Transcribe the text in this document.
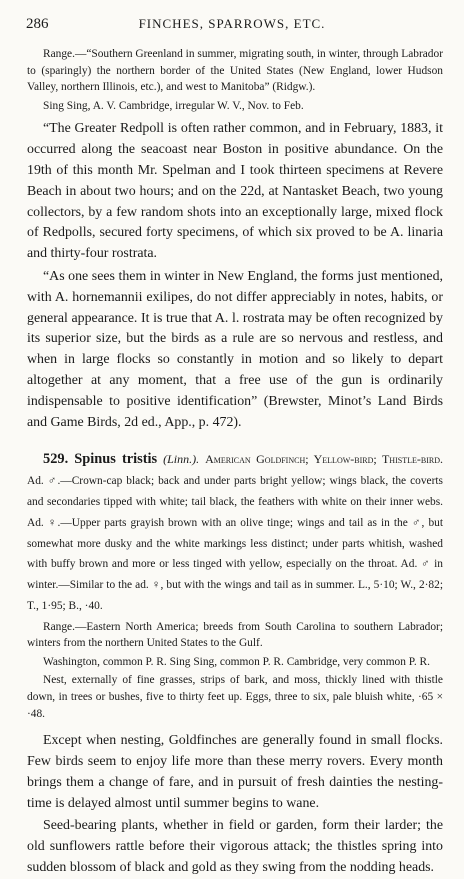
286	FINCHES, SPARROWS, ETC.

Range.—“Southern Greenland in summer, migrating south, in winter, through Labrador to (sparingly) the northern border of the United States (New England, lower Hudson Valley, northern Illinois, etc.), and west to Manitoba” (Ridgw.).

Sing Sing, A. V. Cambridge, irregular W. V., Nov. to Feb.

“The Greater Redpoll is often rather common, and in February, 1883, it occurred along the seacoast near Boston in positive abundance. On the 19th of this month Mr. Spelman and I took thirteen specimens at Revere Beach in about two hours; and on the 22d, at Nantasket Beach, two young collectors, by a few random shots into an exceptionally large, mixed flock of Redpolls, secured forty specimens, of which six proved to be A. linaria and thirty-four rostrata.

“As one sees them in winter in New England, the forms just mentioned, with A. hornemannii exilipes, do not differ appreciably in notes, habits, or general appearance. It is true that A. l. rostrata may be often recognized by its superior size, but the birds as a rule are so nervous and restless, and when in large flocks so constantly in motion and so likely to depart altogether at any moment, that a free use of the gun is ordinarily indispensable to positive identification” (Brewster, Minot’s Land Birds and Game Birds, 2d ed., App., p. 472).

529. Spinus tristis (Linn.). American Goldfinch; Yellow-bird; Thistle-bird. Ad. ♂.—Crown-cap black; back and under parts bright yellow; wings black, the coverts and secondaries tipped with white; tail black, the feathers with white on their inner webs. Ad. ♀.—Upper parts grayish brown with an olive tinge; wings and tail as in the ♂, but somewhat more dusky and the white markings less distinct; under parts whitish, washed with buffy brown and more or less tinged with yellow, especially on the throat. Ad. ♂ in winter.—Similar to the ad. ♀, but with the wings and tail as in summer. L., 5·10; W., 2·82; T., 1·95; B., ·40.

Range.—Eastern North America; breeds from South Carolina to southern Labrador; winters from the northern United States to the Gulf.

Washington, common P. R. Sing Sing, common P. R. Cambridge, very common P. R.

Nest, externally of fine grasses, strips of bark, and moss, thickly lined with thistle down, in trees or bushes, five to thirty feet up. Eggs, three to six, pale bluish white, ·65 × ·48.

Except when nesting, Goldfinches are generally found in small flocks. Few birds seem to enjoy life more than these merry rovers. Every month brings them a change of fare, and in pursuit of fresh dainties the nesting-time is delayed almost until summer begins to wane.

Seed-bearing plants, whether in field or garden, form their larder; the old sunflowers rattle before their vigorous attack; the thistles spring into sudden blossom of black and gold as they swing from the nodding heads.
